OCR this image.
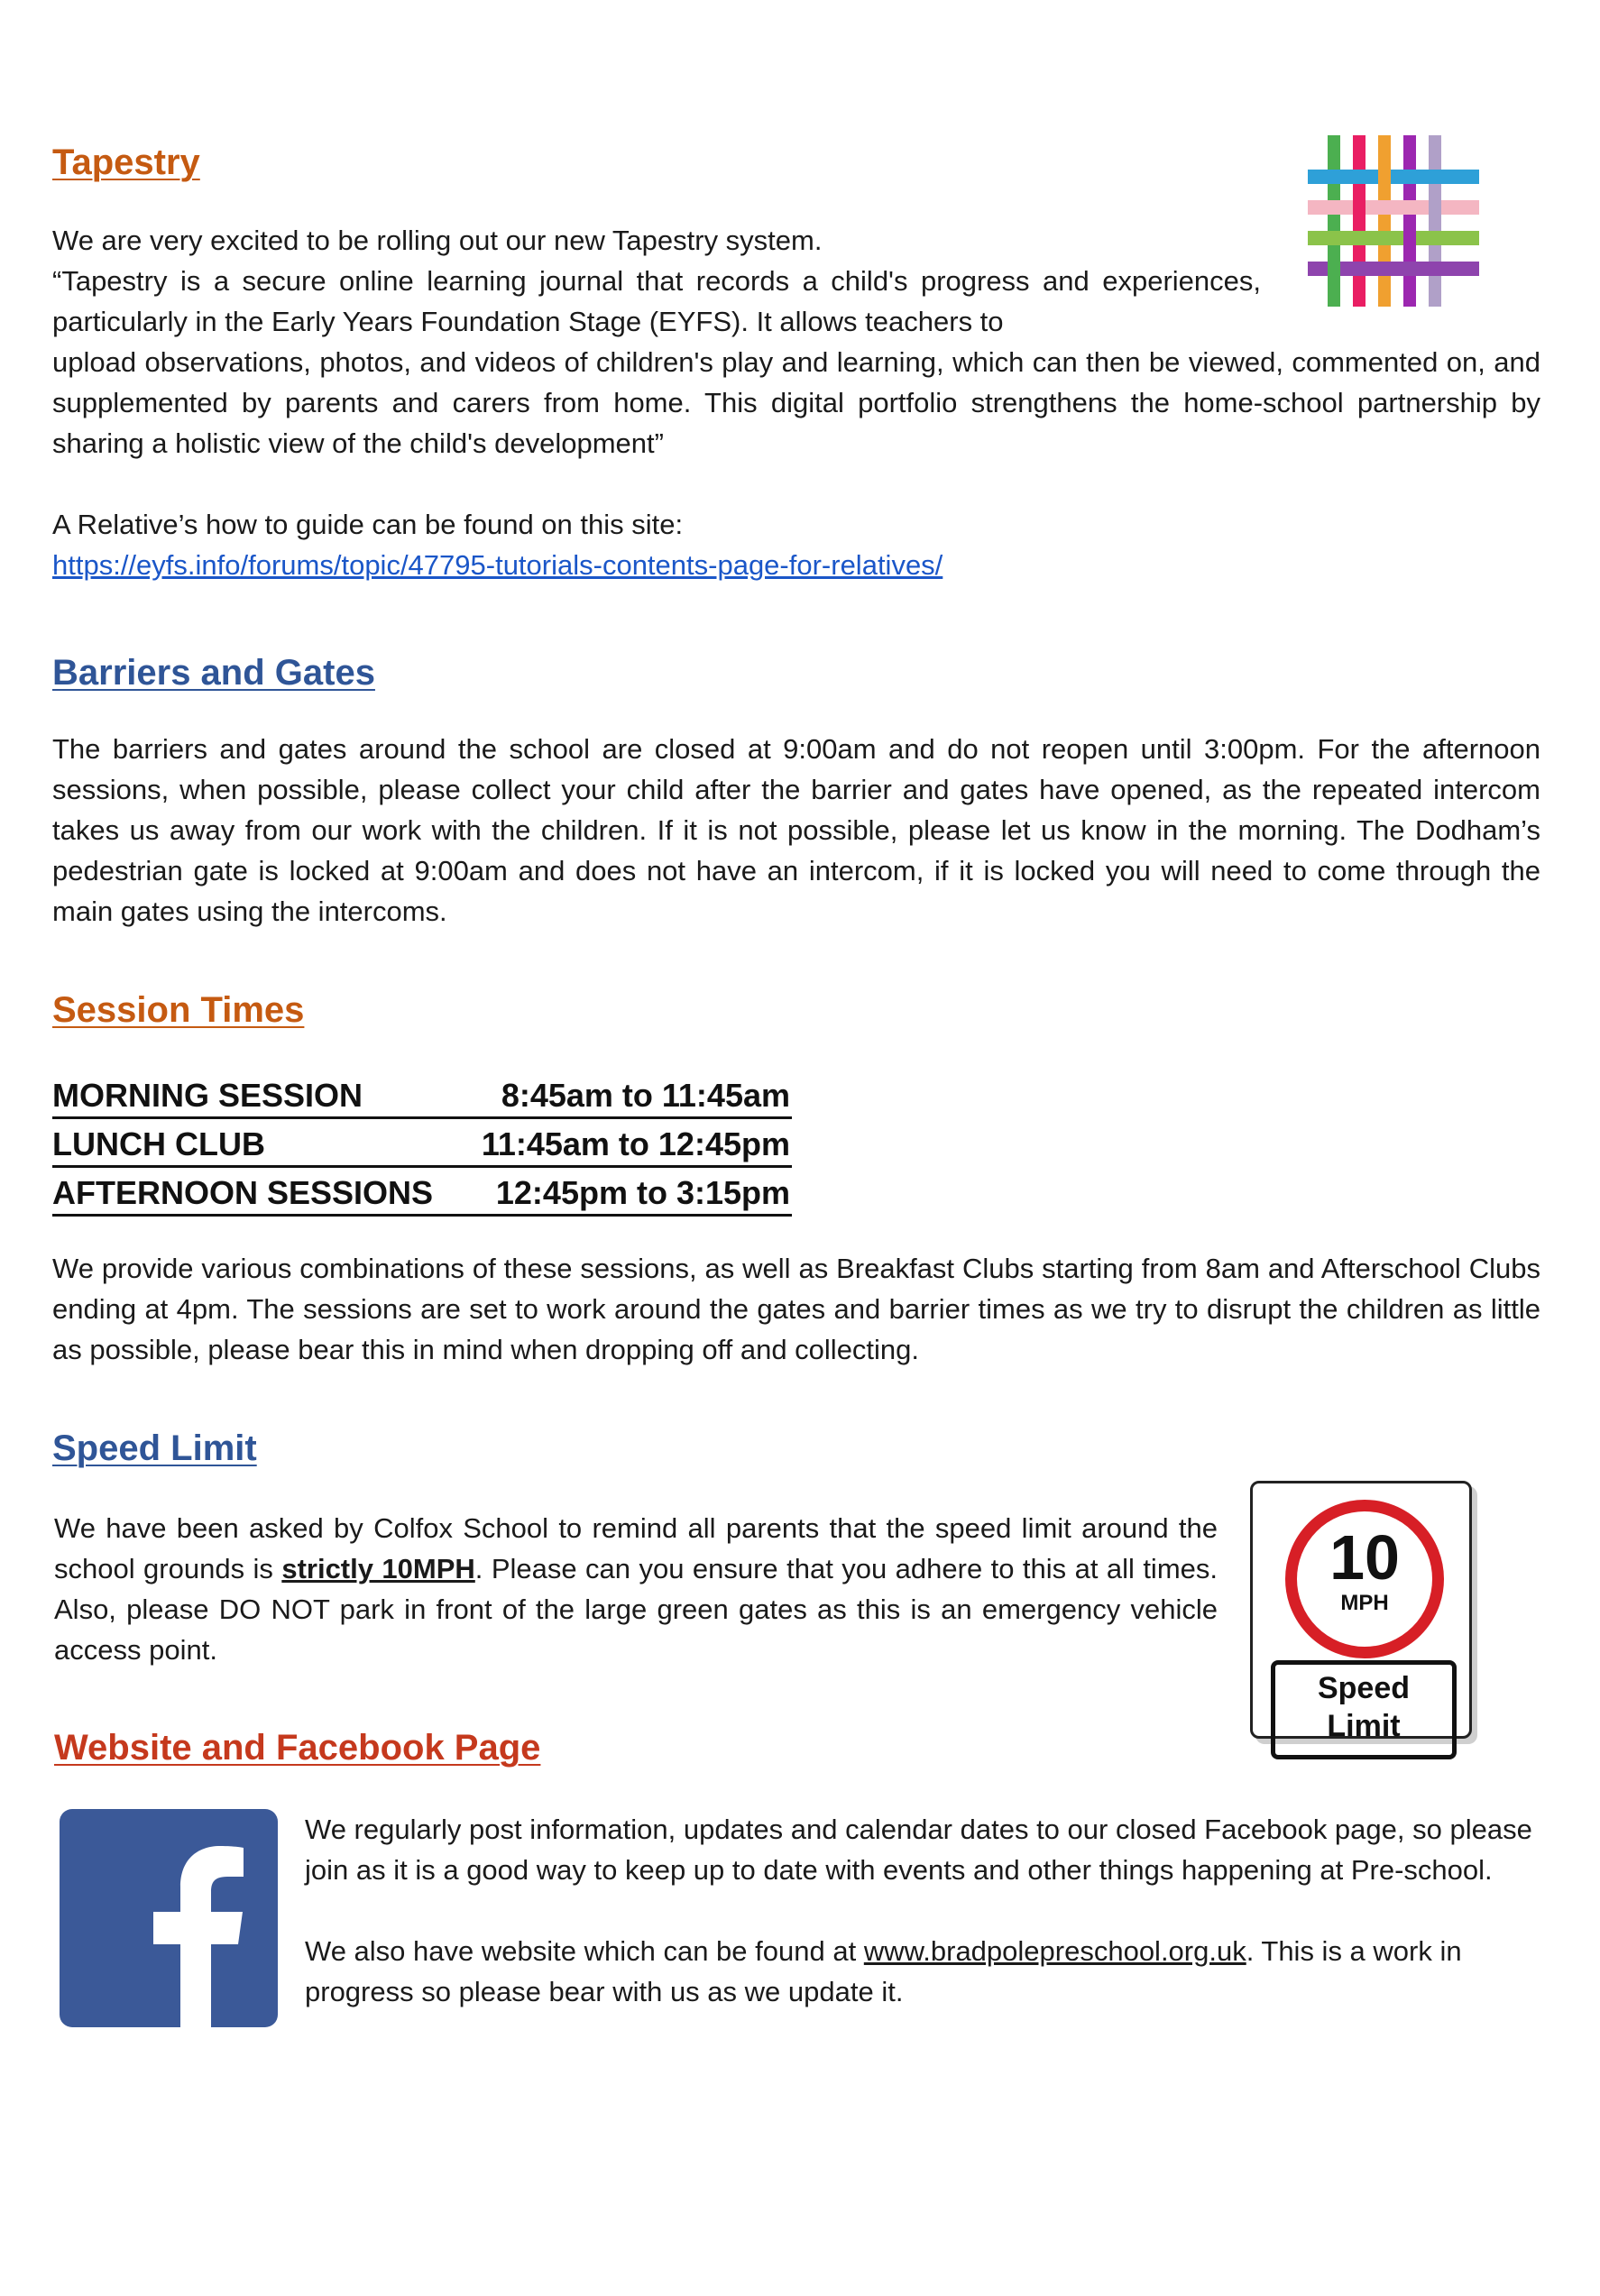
Tapestry

We are very excited to be rolling out our new Tapestry system.

“Tapestry is a secure online learning journal that records a child's progress and experiences, particularly in the Early Years Foundation Stage (EYFS). It allows teachers to

upload observations, photos, and videos of children's play and learning, which can then be viewed, commented on, and supplemented by parents and carers from home. This digital portfolio strengthens the home-school partnership by sharing a holistic view of the child's development”

A Relative’s how to guide can be found on this site:

https://eyfs.info/forums/topic/47795-tutorials-contents-page-for-relatives/

Barriers and Gates

The barriers and gates around the school are closed at 9:00am and do not reopen until 3:00pm. For the afternoon sessions, when possible, please collect your child after the barrier and gates have opened, as the repeated intercom takes us away from our work with the children. If it is not possible, please let us know in the morning. The Dodham’s pedestrian gate is locked at 9:00am and does not have an intercom, if it is locked you will need to come through the main gates using the intercoms.

Session Times
MORNING SESSION	8:45am to 11:45am
LUNCH CLUB	11:45am to 12:45pm
AFTERNOON SESSIONS 12:45pm to 3:15pm

We provide various combinations of these sessions, as well as Breakfast Clubs starting from 8am and Afterschool Clubs ending at 4pm. The sessions are set to work around the gates and barrier times as we try to disrupt the children as little as possible, please bear this in mind when dropping off and collecting.

Speed Limit

We have been asked by Colfox School to remind all parents that the speed limit around the school grounds is strictly 10MPH. Please can you ensure that you adhere to this at all times. Also, please DO NOT park in front of the large green gates as this is an emergency vehicle access point.

10
MPH
Speed
Limit
Website and Facebook Page

We regularly post information, updates and calendar dates to our closed Facebook page, so please join as it is a good way to keep up to date with events and other things happening at Pre-school.

We also have website which can be found at www.bradpolepreschool.org.uk. This is a work in progress so please bear with us as we update it.
